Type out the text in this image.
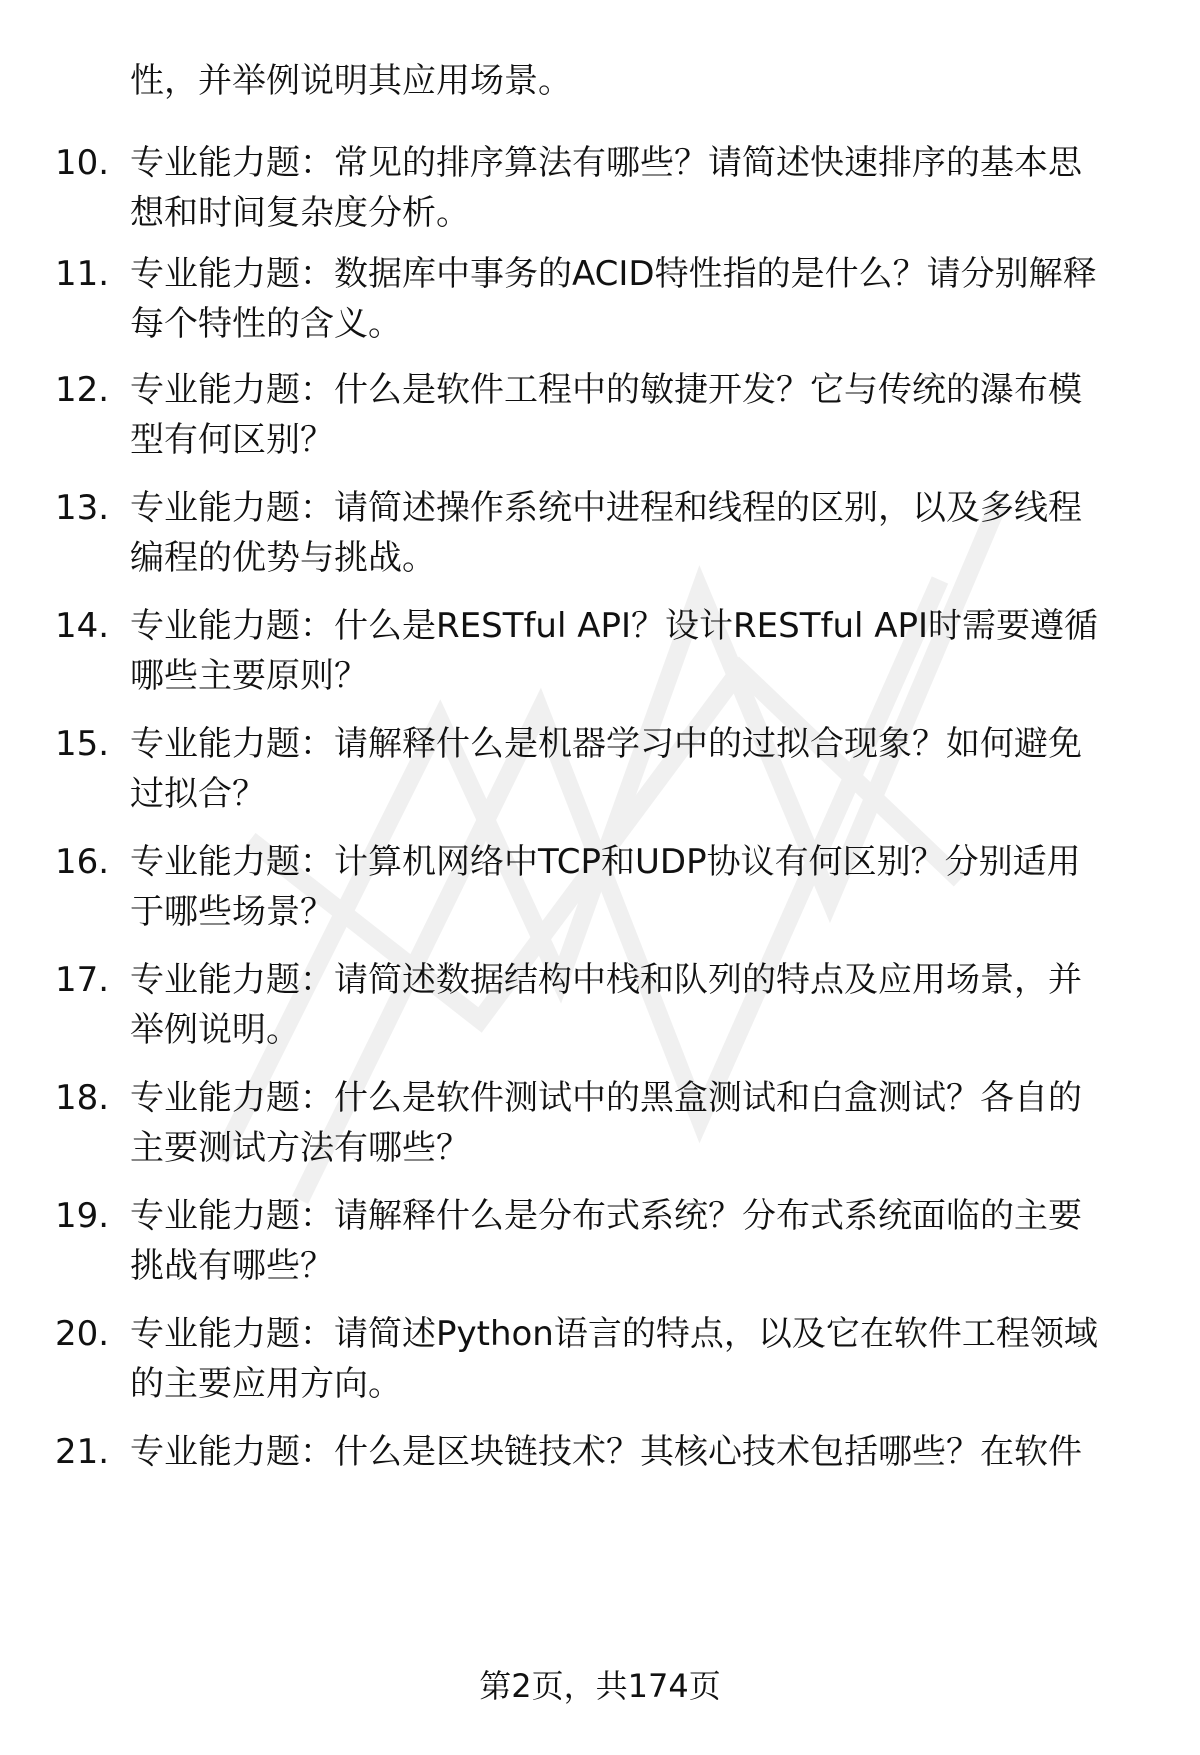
性，并举例说明其应用场景。
10. 专业能力题：常见的排序算法有哪些？请简述快速排序的基本思
想和时间复杂度分析。
11. 专业能力题：数据库中事务的ACID特性指的是什么？请分别解释
每个特性的含义。
12. 专业能力题：什么是软件工程中的敏捷开发？它与传统的瀑布模
型有何区别？
13. 专业能力题：请简述操作系统中进程和线程的区别，以及多线程
编程的优势与挑战。
14. 专业能力题：什么是RESTful API？设计RESTful API时需要遵循
哪些主要原则？
15. 专业能力题：请解释什么是机器学习中的过拟合现象？如何避免
过拟合？
16. 专业能力题：计算机网络中TCP和UDP协议有何区别？分别适用
于哪些场景？
17. 专业能力题：请简述数据结构中栈和队列的特点及应用场景，并
举例说明。
18. 专业能力题：什么是软件测试中的黑盒测试和白盒测试？各自的
主要测试方法有哪些？
19. 专业能力题：请解释什么是分布式系统？分布式系统面临的主要
挑战有哪些？
20. 专业能力题：请简述Python语言的特点，以及它在软件工程领域
的主要应用方向。
21. 专业能力题：什么是区块链技术？其核心技术包括哪些？在软件
第2页，共174页
